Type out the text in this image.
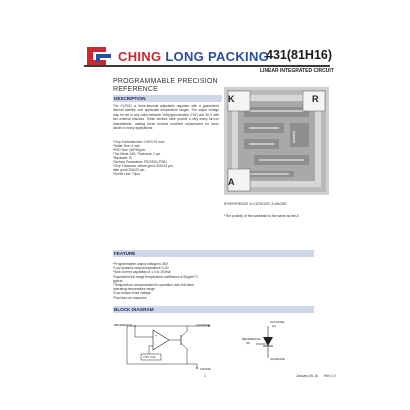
CHING LONG PACKING
431(81H16)
LINEAR INTEGRATED CIRCUIT
PROGRAMMABLE PRECISION
REFERENCE
DESCRIPTION
The CLP431 is three-terminal adjustable regulator with a guaranteed thermal stability over applicable temperature ranges. The output Voltage may be set to any value between Vref(approximately 2.5V) and 36 V with two external resistors. These devices have provide a very sharp turn-on characteristic, making these devices excellent replacement for zener diodes in many applications.
*Chip Substrate/size: 0.80*0.92 mm²
*Wafer Size: 6 inch
*PAD Size: (95*95)µm²
*Top Metal: AlSi, Thickness: 2 µm
*Backside: Si
*Surface Passivation: PSG/SiO₂/PSiN
*Chip Thickness: before grind: 625±15 µm ;
after grind:230±20 µm ;
*Scribe Line: 70µm
K	R
A
R:REFERENCE ;K:CATHODE; A:ANODE
*The polarity of the substrate is the same as the A
FEATURE
*Programmable output voltage to 36V
*Low dynamic output impedance 0.2Ω
*Sink current capability of 1.0 to 100mA
*Equivalent full-range temperature coefficient of 50ppm/°C
typical
*Temperature compensated for operation over full rated
operating temperature range
*Low output noise voltage
*Fast turn-on response
BLOCK DIAGRAM
REFERENCE	CATHODE
ANODE
2.5V Vref
+
-
CATHODE
(K)
REFERENCE
(R)
(A)ANODE
1	January-06-16 Rev 1.0
